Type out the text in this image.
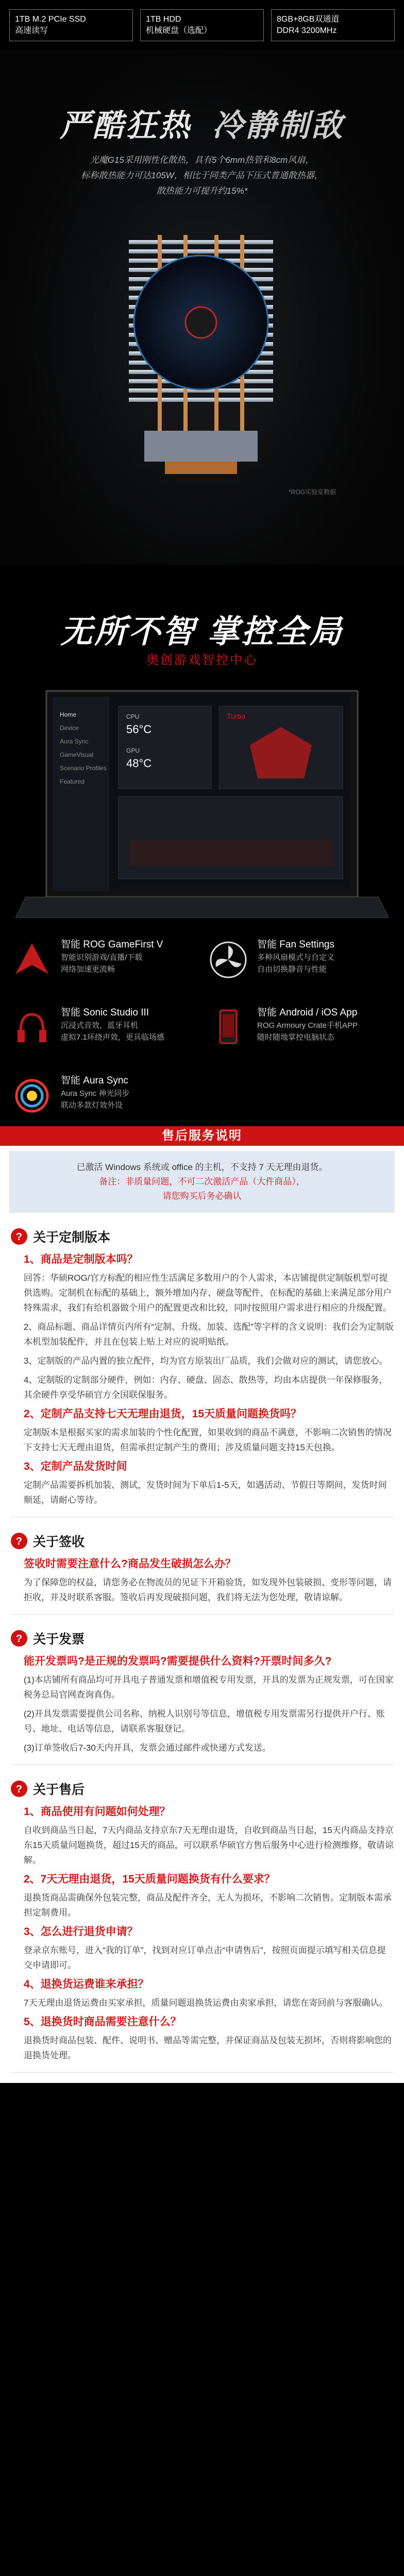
1TB M.2 PCIe SSD
高速读写
1TB HDD
机械硬盘（选配）
8GB+8GB双通道
DDR4 3200MHz
严酷狂热 冷静制敌
光魔G15采用刚性化散热，具有5个6mm热管和8cm风扇，
标称散热能力可达105W，相比于同类产品下压式普通散热器，
散热能力可提升约15%*
*ROG实验室数据
无所不智 掌控全局
奥创游戏智控中心
Home
Device
Aura Sync
GameVisual
Scenario Profiles
Featured
CPU
56°C
GPU
48°C
Turbo
智能 ROG GameFirst V
智能识别游戏/直播/下载
网络加速更流畅
智能 Fan Settings
多种风扇模式与自定义
自由切换静音与性能
智能 Sonic Studio III
沉浸式音效，蓝牙耳机
虚拟7.1环绕声效，更具临场感
智能 Android / iOS App
ROG Armoury Crate手机APP
随时随地掌控电脑状态
智能 Aura Sync
Aura Sync 神光同步
联动多款灯效外设
售后服务说明
已激活 Windows 系统或 office 的主机，不支持 7 天无理由退货。
备注：非质量问题，不可二次激活产品（大件商品），
请您购买后务必确认
? 关于定制版本
1、商品是定制版本吗？
回答：华硕ROG/官方标配的相应性生活满足多数用户的个人需求，本店铺提供定制版机型可提供选购。定制机在标配的基础上，额外增加内存、硬盘等配件，在标配的基础上来满足部分用户特殊需求，我们有给机器做个用户的配置更改和比较，同时按照用户需求进行相应的升级配置。
2、商品标题、商品详情页内所有“定制、升级、加装、选配”等字样的含义说明：我们会为定制版本机型加装配件，并且在包装上贴上对应的说明贴纸。
3、定制版的产品内置的独立配件，均为官方原装出厂品质，我们会做对应的测试，请您放心。
4、定制版的定制部分硬件，例如：内存、硬盘、固态、散热等，均由本店提供一年保修服务，其余硬件享受华硕官方全国联保服务。
2、定制产品支持七天无理由退货，15天质量问题换货吗？
定制版本是根据买家的需求加装的个性化配置，如果收到的商品不满意，不影响二次销售的情况下支持七天无理由退货，但需承担定制产生的费用；涉及质量问题支持15天包换。
3、定制产品发货时间
定制产品需要拆机加装、测试，发货时间为下单后1-5天，如遇活动、节假日等期间，发货时间顺延，请耐心等待。
? 关于签收
签收时需要注意什么?商品发生破损怎么办？
为了保障您的权益，请您务必在物流员的见证下开箱验货，如发现外包装破损、变形等问题，请拒收，并及时联系客服。签收后再发现破损问题，我们将无法为您处理，敬请谅解。
? 关于发票
能开发票吗?是正规的发票吗?需要提供什么资料?开票时间多久?
(1)本店铺所有商品均可开具电子普通发票和增值税专用发票，开具的发票为正规发票，可在国家税务总局官网查询真伪。
(2)开具发票需要提供公司名称、纳税人识别号等信息，增值税专用发票需另行提供开户行、账号、地址、电话等信息，请联系客服登记。
(3)订单签收后7-30天内开具，发票会通过邮件或快递方式发送。
? 关于售后
1、商品使用有问题如何处理？
自收到商品当日起，7天内商品支持京东7天无理由退货，自收到商品当日起，15天内商品支持京东15天质量问题换货，超过15天的商品，可以联系华硕官方售后服务中心进行检测维修，敬请谅解。
2、7天无理由退货，15天质量问题换货有什么要求？
退换货商品需确保外包装完整，商品及配件齐全，无人为损坏，不影响二次销售。定制版本需承担定制费用。
3、怎么进行退货申请？
登录京东账号，进入“我的订单”，找到对应订单点击“申请售后”，按照页面提示填写相关信息提交申请即可。
4、退换货运费谁来承担？
7天无理由退货运费由买家承担，质量问题退换货运费由卖家承担，请您在寄回前与客服确认。
5、退换货时商品需要注意什么？
退换货时商品包装、配件、说明书、赠品等需完整，并保证商品及包装无损坏，否则将影响您的退换货处理。
